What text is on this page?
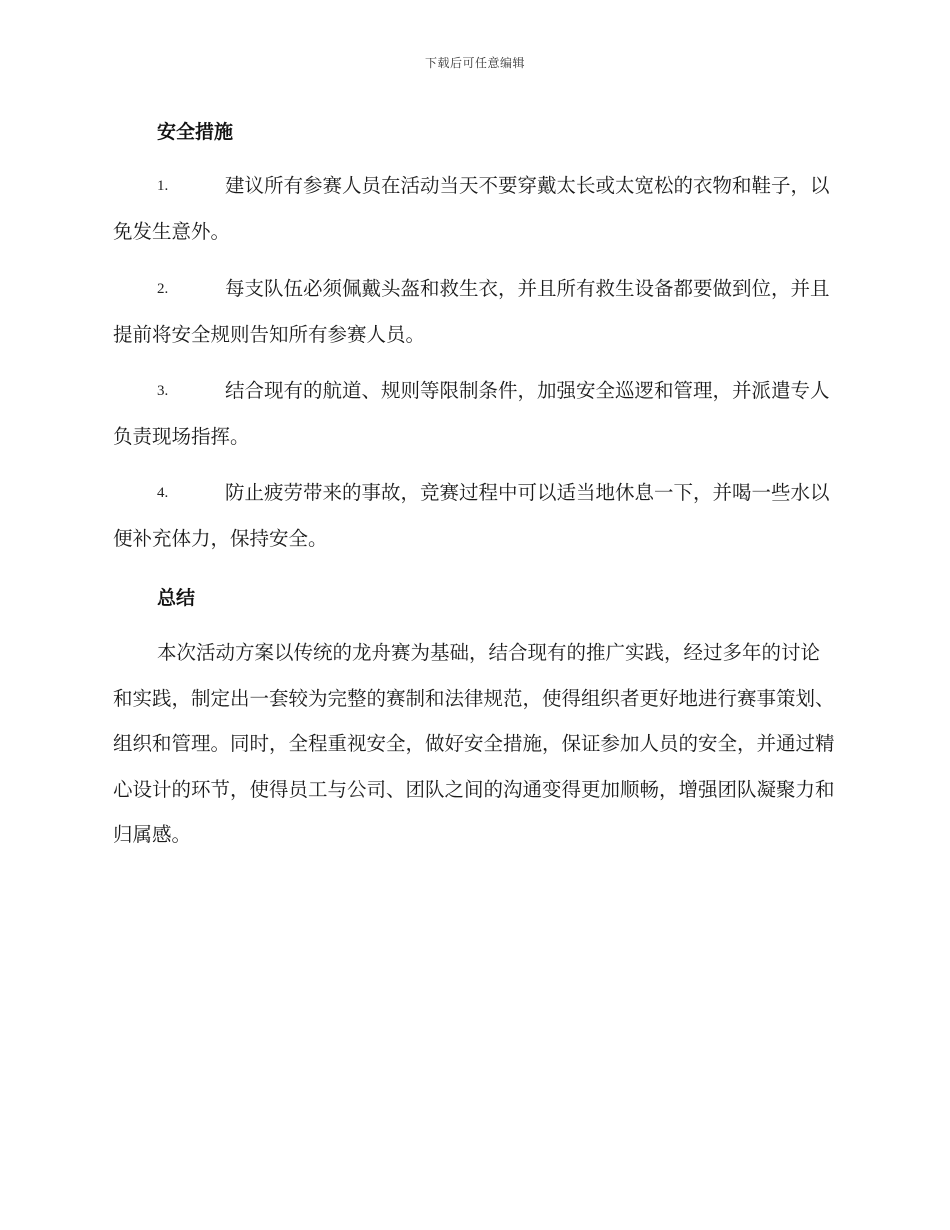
下载后可任意编辑
安全措施
1.	建议所有参赛人员在活动当天不要穿戴太长或太宽松的衣物和鞋子，以免发生意外。
2.	每支队伍必须佩戴头盔和救生衣，并且所有救生设备都要做到位，并且提前将安全规则告知所有参赛人员。
3.	结合现有的航道、规则等限制条件，加强安全巡逻和管理，并派遣专人负责现场指挥。
4.	防止疲劳带来的事故，竞赛过程中可以适当地休息一下，并喝一些水以便补充体力，保持安全。
总结
本次活动方案以传统的龙舟赛为基础，结合现有的推广实践，经过多年的讨论和实践，制定出一套较为完整的赛制和法律规范，使得组织者更好地进行赛事策划、组织和管理。同时，全程重视安全，做好安全措施，保证参加人员的安全，并通过精心设计的环节，使得员工与公司、团队之间的沟通变得更加顺畅，增强团队凝聚力和归属感。
